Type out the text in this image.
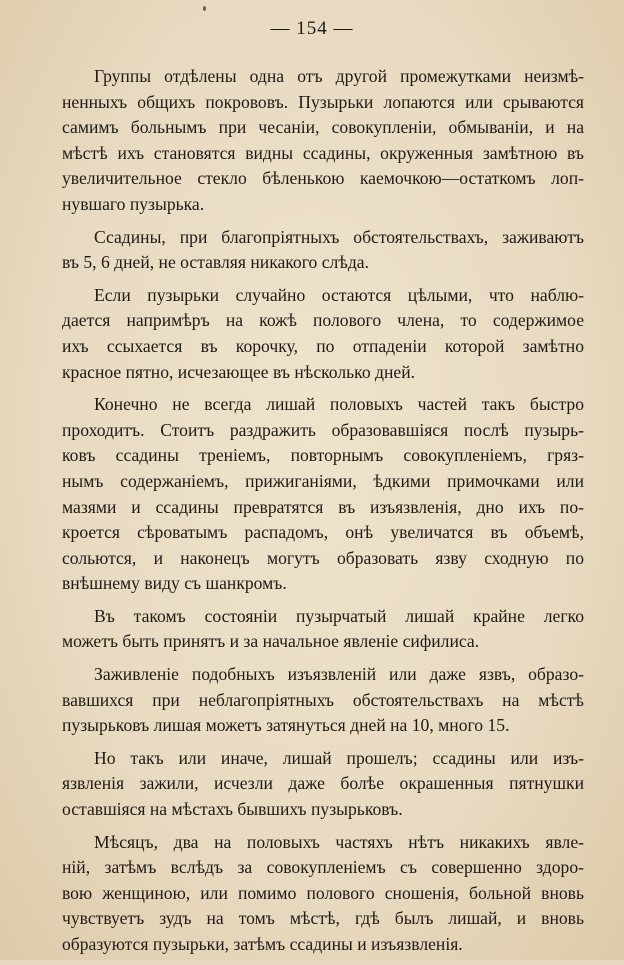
— 154 —
Группы отдѣлены одна отъ другой промежутками неизмѣ-
ненныхъ общихъ покрововъ. Пузырьки лопаются или срываются
самимъ больнымъ при чесаніи, совокупленіи, обмываніи, и на
мѣстѣ ихъ становятся видны ссадины, окруженныя замѣтною въ
увеличительное стекло бѣленькою каемочкою—остаткомъ лоп-
нувшаго пузырька.
Ссадины, при благопріятныхъ обстоятельствахъ, заживаютъ
въ 5, 6 дней, не оставляя никакого слѣда.
Если пузырьки случайно остаются цѣлыми, что наблю-
дается напримѣръ на кожѣ полового члена, то содержимое
ихъ ссыхается въ корочку, по отпаденіи которой замѣтно
красное пятно, исчезающее въ нѣсколько дней.
Конечно не всегда лишай половыхъ частей такъ быстро
проходитъ. Стоитъ раздражить образовавшіяся послѣ пузырь-
ковъ ссадины треніемъ, повторнымъ совокупленіемъ, гряз-
нымъ содержаніемъ, прижиганіями, ѣдкими примочками или
мазями и ссадины превратятся въ изъязвленія, дно ихъ по-
кроется сѣроватымъ распадомъ, онѣ увеличатся въ объемѣ,
сольются, и наконецъ могутъ образовать язву сходную по
внѣшнему виду съ шанкромъ.
Въ такомъ состояніи пузырчатый лишай крайне легко
можетъ быть принятъ и за начальное явленіе сифилиса.
Заживленіе подобныхъ изъязвленій или даже язвъ, образо-
вавшихся при неблагопріятныхъ обстоятельствахъ на мѣстѣ
пузырьковъ лишая можетъ затянуться дней на 10, много 15.
Но такъ или иначе, лишай прошелъ; ссадины или изъ-
язвленія зажили, исчезли даже болѣе окрашенныя пятнушки
оставшіяся на мѣстахъ бывшихъ пузырьковъ.
Мѣсяцъ, два на половыхъ частяхъ нѣтъ никакихъ явле-
ній, затѣмъ вслѣдъ за совокупленіемъ съ совершенно здоро-
вою женщиною, или помимо полового сношенія, больной вновь
чувствуетъ зудъ на томъ мѣстѣ, гдѣ былъ лишай, и вновь
образуются пузырьки, затѣмъ ссадины и изъязвленія.
